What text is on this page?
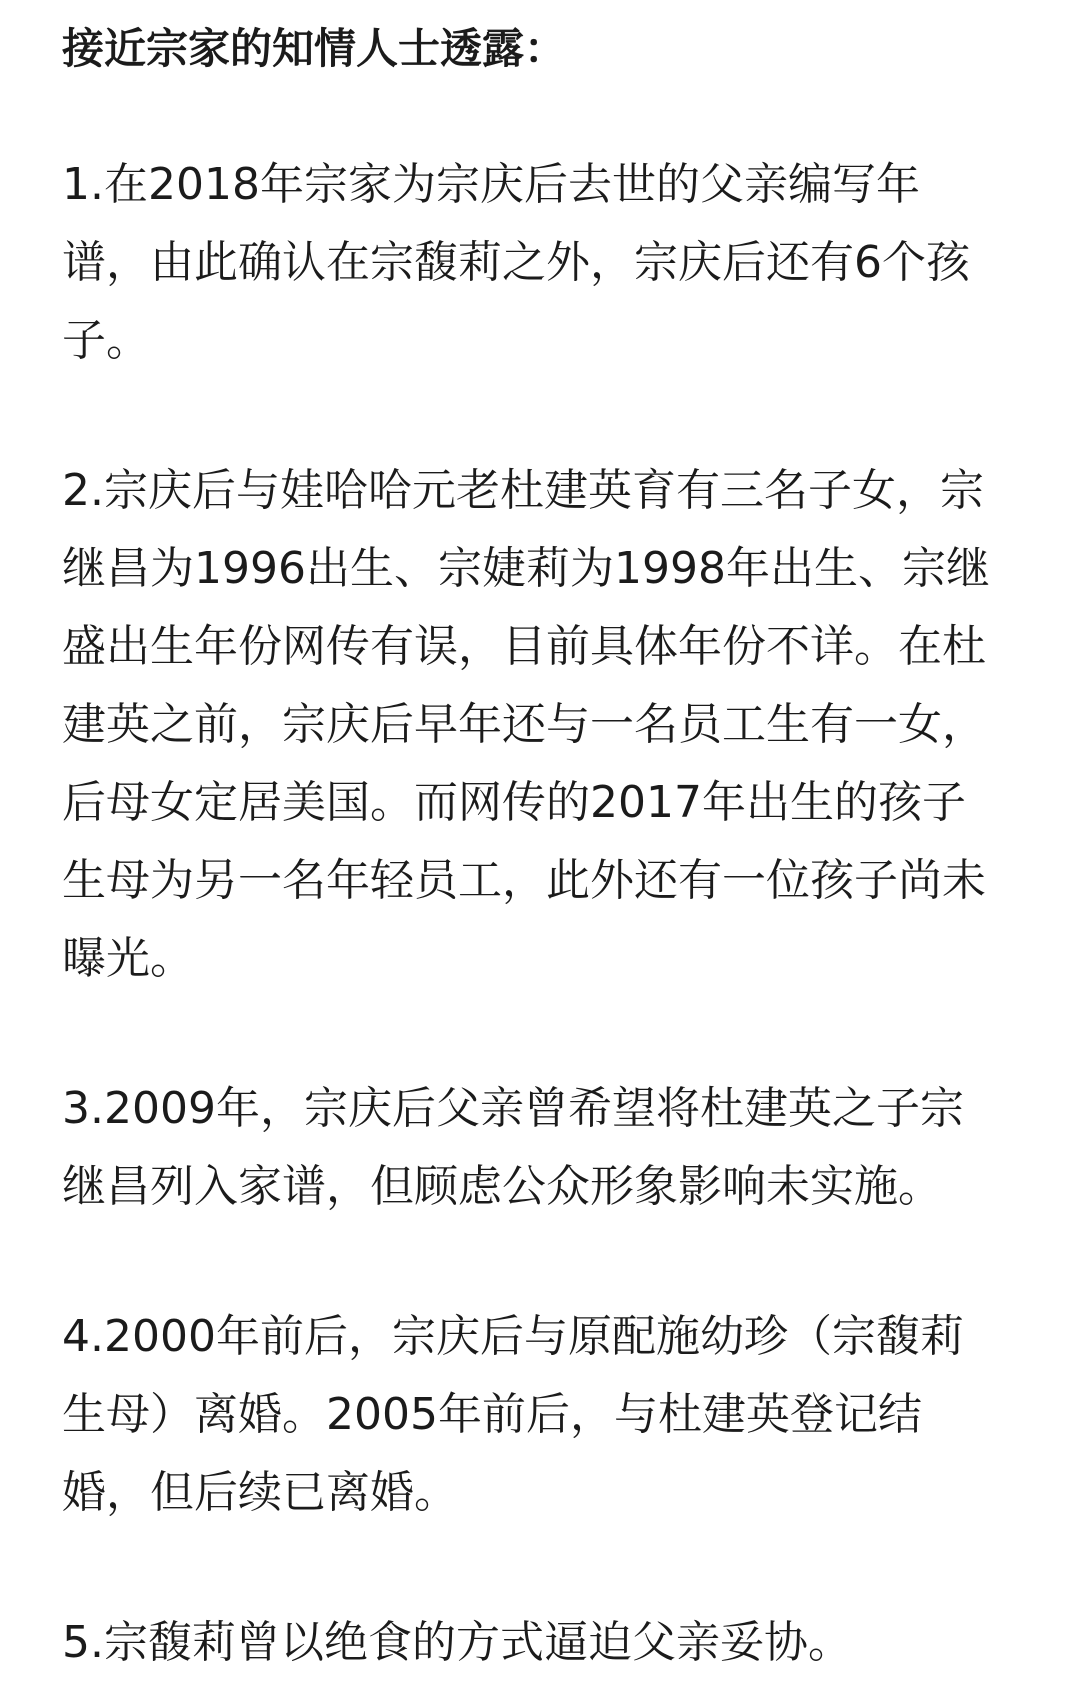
接近宗家的知情人士透露：

1.在2018年宗家为宗庆后去世的父亲编写年
谱，由此确认在宗馥莉之外，宗庆后还有6个孩
子。

2.宗庆后与娃哈哈元老杜建英育有三名子女，宗
继昌为1996出生、宗婕莉为1998年出生、宗继
盛出生年份网传有误，目前具体年份不详。在杜
建英之前，宗庆后早年还与一名员工生有一女，
后母女定居美国。而网传的2017年出生的孩子
生母为另一名年轻员工，此外还有一位孩子尚未
曝光。

3.2009年，宗庆后父亲曾希望将杜建英之子宗
继昌列入家谱，但顾虑公众形象影响未实施。

4.2000年前后，宗庆后与原配施幼珍（宗馥莉
生母）离婚。2005年前后，与杜建英登记结
婚，但后续已离婚。

5.宗馥莉曾以绝食的方式逼迫父亲妥协。
